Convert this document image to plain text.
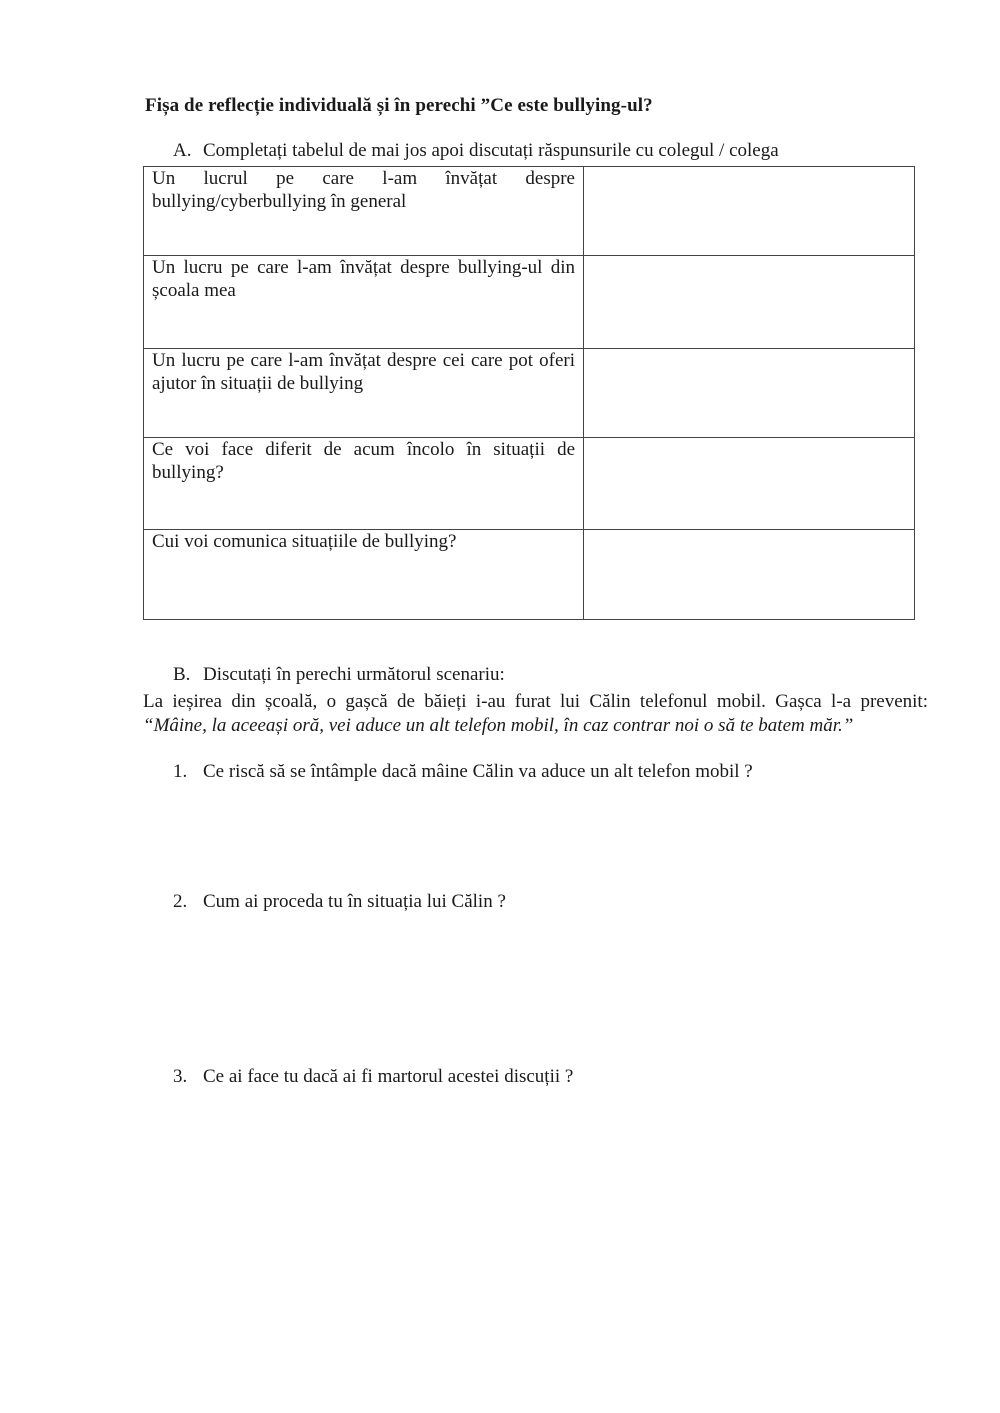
Fișa de reflecție individuală și în perechi ”Ce este bullying-ul?
A. Completați tabelul de mai jos apoi discutați răspunsurile cu colegul / colega
Un lucrul pe care l-am învățat despre bullying/cyberbullying în general	
Un lucru pe care l-am învățat despre bullying-ul din școala mea	
Un lucru pe care l-am învățat despre cei care pot oferi ajutor în situații de bullying	
Ce voi face diferit de acum încolo în situații de bullying?	
Cui voi comunica situațiile de bullying?	
B. Discutați în perechi următorul scenariu:
La ieșirea din școală, o gașcă de băieți i-au furat lui Călin telefonul mobil. Gașca l-a prevenit:
“Mâine, la aceeași oră, vei aduce un alt telefon mobil, în caz contrar noi o să te batem măr.”
1. Ce riscă să se întâmple dacă mâine Călin va aduce un alt telefon mobil ?
2. Cum ai proceda tu în situația lui Călin ?
3. Ce ai face tu dacă ai fi martorul acestei discuții ?
